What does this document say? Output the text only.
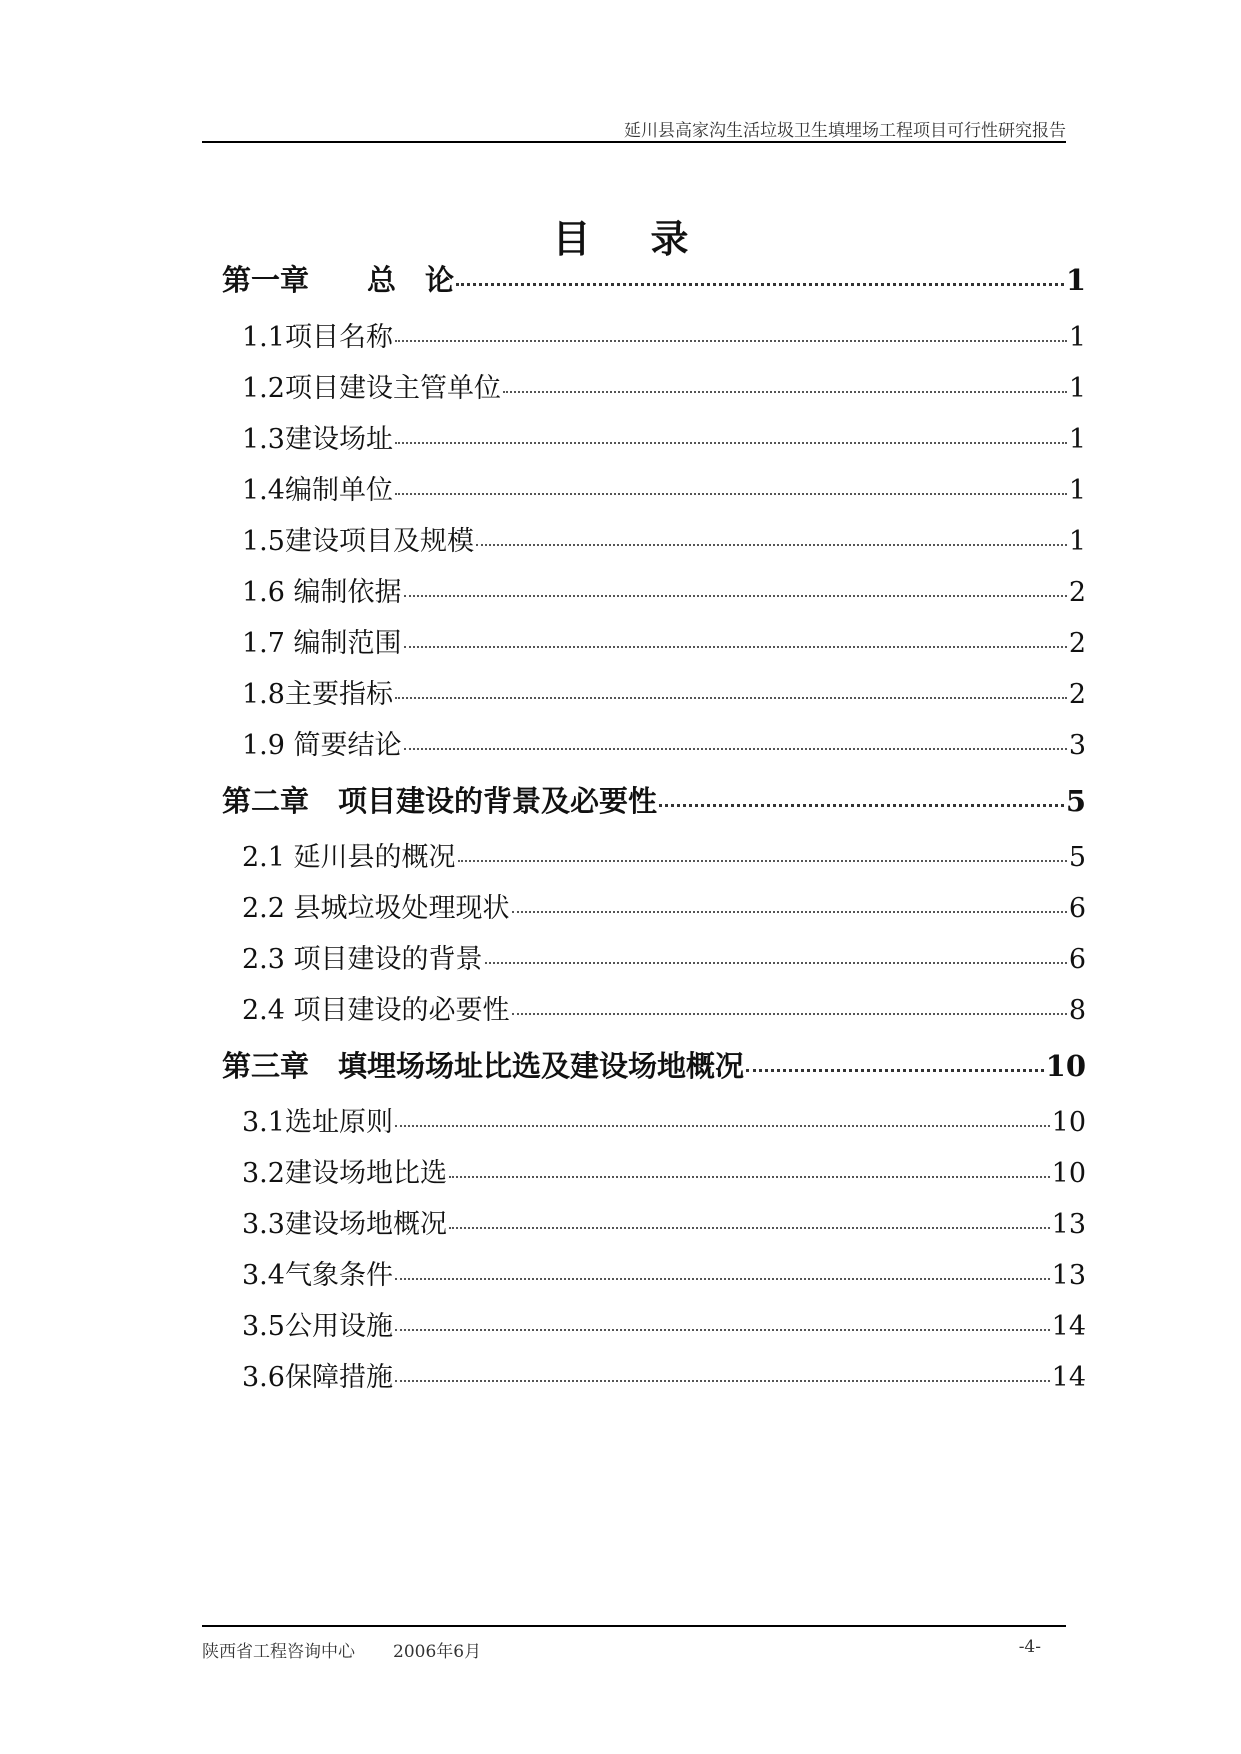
延川县高家沟生活垃圾卫生填埋场工程项目可行性研究报告
目录
第一章　　总　论	1
1.1项目名称	1
1.2项目建设主管单位	1
1.3建设场址	1
1.4编制单位	1
1.5建设项目及规模	1
1.6 编制依据	2
1.7 编制范围	2
1.8主要指标	2
1.9 简要结论	3
第二章　项目建设的背景及必要性	5
2.1 延川县的概况	5
2.2 县城垃圾处理现状	6
2.3 项目建设的背景	6
2.4 项目建设的必要性	8
第三章　填埋场场址比选及建设场地概况	10
3.1选址原则	10
3.2建设场地比选	10
3.3建设场地概况	13
3.4气象条件	13
3.5公用设施	14
3.6保障措施	14
陕西省工程咨询中心 2006年6月	-4-
